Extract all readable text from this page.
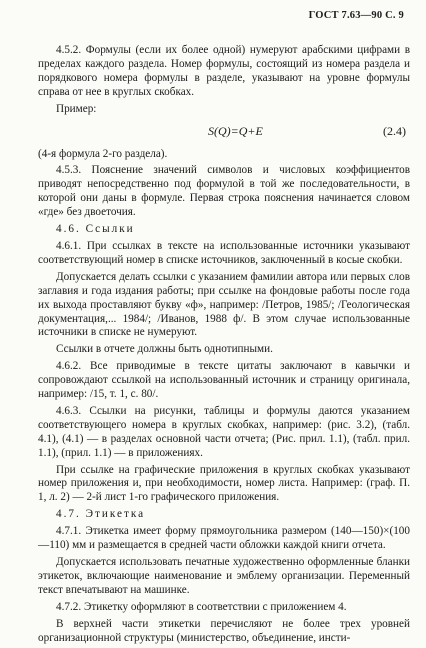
ГОСТ 7.63—90 С. 9

4.5.2. Формулы (если их более одной) нумеруют арабскими цифрами в пределах каждого раздела. Номер формулы, состоящий из номера раздела и порядкового номера формулы в разделе, указывают на уровне формулы справа от нее в круглых скобках.

Пример:

S(Q)=Q+E	(2.4)

(4-я формула 2-го раздела).

4.5.3. Пояснение значений символов и числовых коэффициентов приводят непосредственно под формулой в той же последовательности, в которой они даны в формуле. Первая строка пояснения начинается словом «где» без двоеточия.

4.6. Ссылки

4.6.1. При ссылках в тексте на использованные источники указывают соответствующий номер в списке источников, заключенный в косые скобки.

Допускается делать ссылки с указанием фамилии автора или первых слов заглавия и года издания работы; при ссылке на фондовые работы после года их выхода проставляют букву «ф», например: /Петров, 1985/; /Геологическая документация,... 1984/; /Иванов, 1988 ф/. В этом случае использованные источники в списке не нумеруют.

Ссылки в отчете должны быть однотипными.

4.6.2. Все приводимые в тексте цитаты заключают в кавычки и сопровождают ссылкой на использованный источник и страницу оригинала, например: /15, т. 1, с. 80/.

4.6.3. Ссылки на рисунки, таблицы и формулы даются указанием соответствующего номера в круглых скобках, например: (рис. 3.2), (табл. 4.1), (4.1) — в разделах основной части отчета; (Рис. прил. 1.1), (табл. прил. 1.1), (прил. 1.1) — в приложениях.

При ссылке на графические приложения в круглых скобках указывают номер приложения и, при необходимости, номер листа. Например: (граф. П. 1, л. 2) — 2-й лист 1-го графического приложения.

4.7. Этикетка

4.7.1. Этикетка имеет форму прямоугольника размером (140—150)×(100—110) мм и размещается в средней части обложки каждой книги отчета.

Допускается использовать печатные художественно оформленные бланки этикеток, включающие наименование и эмблему организации. Переменный текст впечатывают на машинке.

4.7.2. Этикетку оформляют в соответствии с приложением 4.

В верхней части этикетки перечисляют не более трех уровней организационной структуры (министерство, объединение, инсти-
